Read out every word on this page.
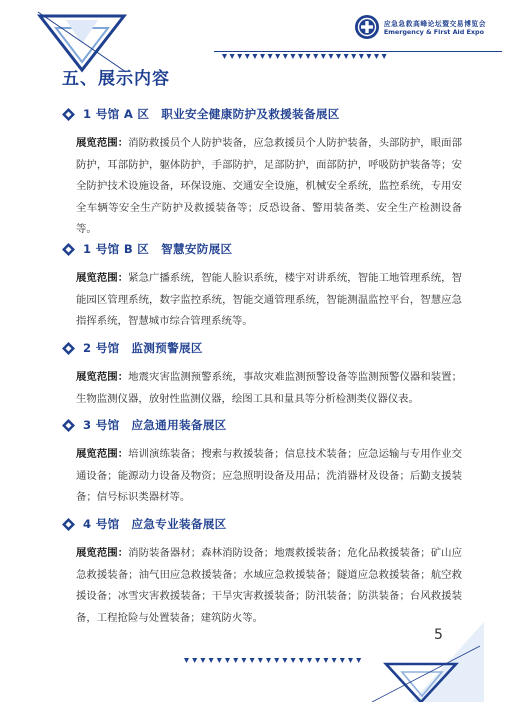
应急急救高峰论坛暨交易博览会
Emergency & First Aid Expo
五、展示内容
1 号馆 A 区　职业安全健康防护及救援装备展区

展览范围：消防救援员个人防护装备，应急救援员个人防护装备，头部防护，眼面部防护，耳部防护，躯体防护，手部防护，足部防护，面部防护，呼吸防护装备等；安全防护技术设施设备，环保设施、交通安全设施，机械安全系统，监控系统，专用安全车辆等安全生产防护及救援装备等；反恐设备、警用装备类、安全生产检测设备等。

1 号馆 B 区　智慧安防展区

展览范围：紧急广播系统，智能人脸识系统，楼宇对讲系统，智能工地管理系统，智能园区管理系统，数字监控系统，智能交通管理系统，智能测温监控平台，智慧应急指挥系统，智慧城市综合管理系统等。

2 号馆　监测预警展区

展览范围：地震灾害监测预警系统，事故灾难监测预警设备等监测预警仪器和装置；生物监测仪器，放射性监测仪器，绘图工具和量具等分析检测类仪器仪表。

3 号馆　应急通用装备展区

展览范围：培训演练装备；搜索与救援装备；信息技术装备；应急运输与专用作业交通设备；能源动力设备及物资；应急照明设备及用品；洗消器材及设备；后勤支援装备；信号标识类器材等。

4 号馆　应急专业装备展区

展览范围：消防装备器材；森林消防设备；地震救援装备；危化品救援装备；矿山应急救援装备；油气田应急救援装备；水域应急救援装备；隧道应急救援装备；航空救援设备；冰雪灾害救援装备；干旱灾害救援装备；防汛装备；防洪装备；台风救援装备，工程抢险与处置装备；建筑防火等。

5
